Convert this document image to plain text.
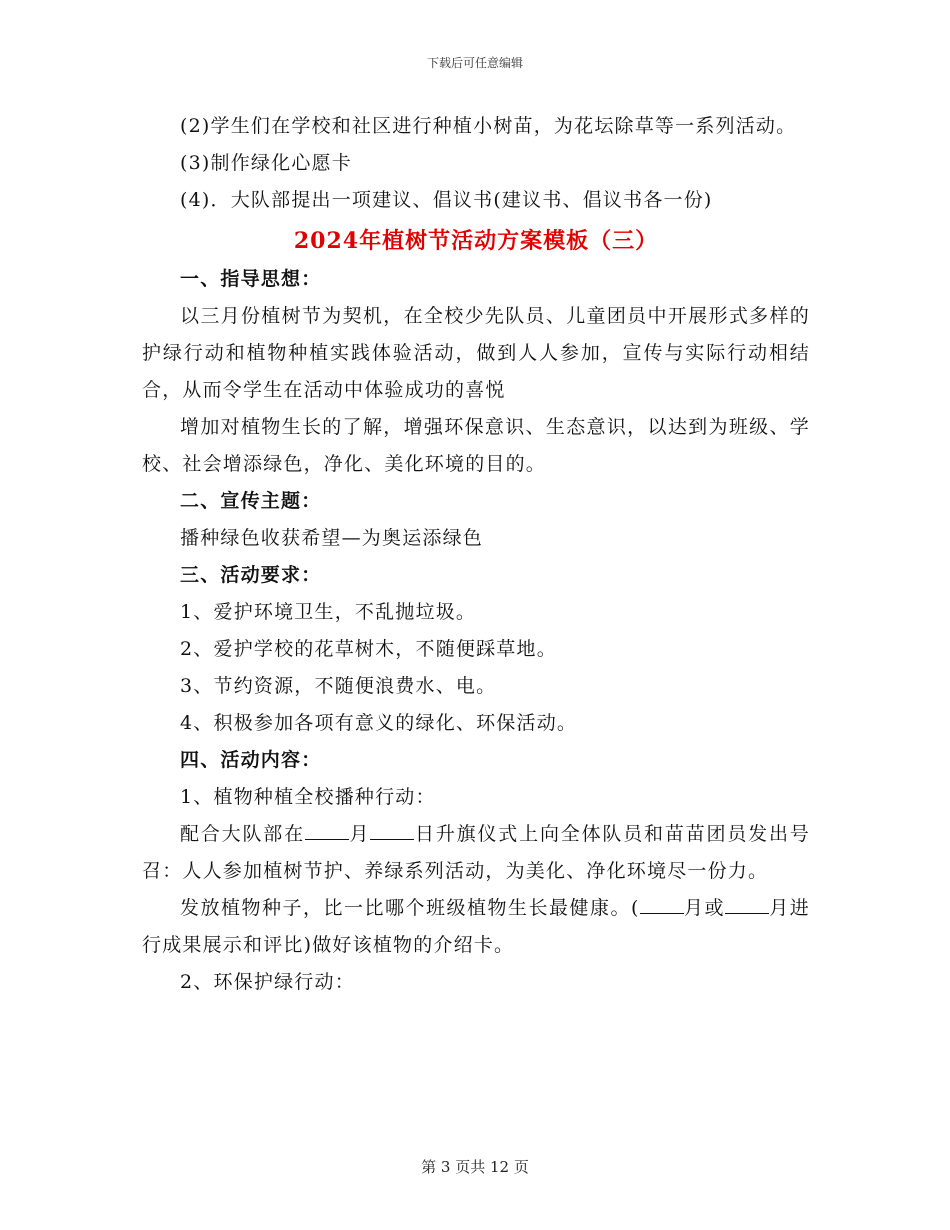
下载后可任意编辑

(2)学生们在学校和社区进行种植小树苗，为花坛除草等一系列活动。

(3)制作绿化心愿卡

(4)．大队部提出一项建议、倡议书(建议书、倡议书各一份)

2024年植树节活动方案模板（三）

一、指导思想：

以三月份植树节为契机，在全校少先队员、儿童团员中开展形式多样的护绿行动和植物种植实践体验活动，做到人人参加，宣传与实际行动相结合，从而令学生在活动中体验成功的喜悦

增加对植物生长的了解，增强环保意识、生态意识，以达到为班级、学校、社会增添绿色，净化、美化环境的目的。

二、宣传主题：

播种绿色收获希望—为奥运添绿色

三、活动要求：

1、爱护环境卫生，不乱抛垃圾。

2、爱护学校的花草树木，不随便踩草地。

3、节约资源，不随便浪费水、电。

4、积极参加各项有意义的绿化、环保活动。

四、活动内容：

1、植物种植全校播种行动：

配合大队部在 月 日升旗仪式上向全体队员和苗苗团员发出号召：人人参加植树节护、养绿系列活动，为美化、净化环境尽一份力。

发放植物种子，比一比哪个班级植物生长最健康。( 月或 月进行成果展示和评比)做好该植物的介绍卡。

2、环保护绿行动：

第 3 页共 12 页
